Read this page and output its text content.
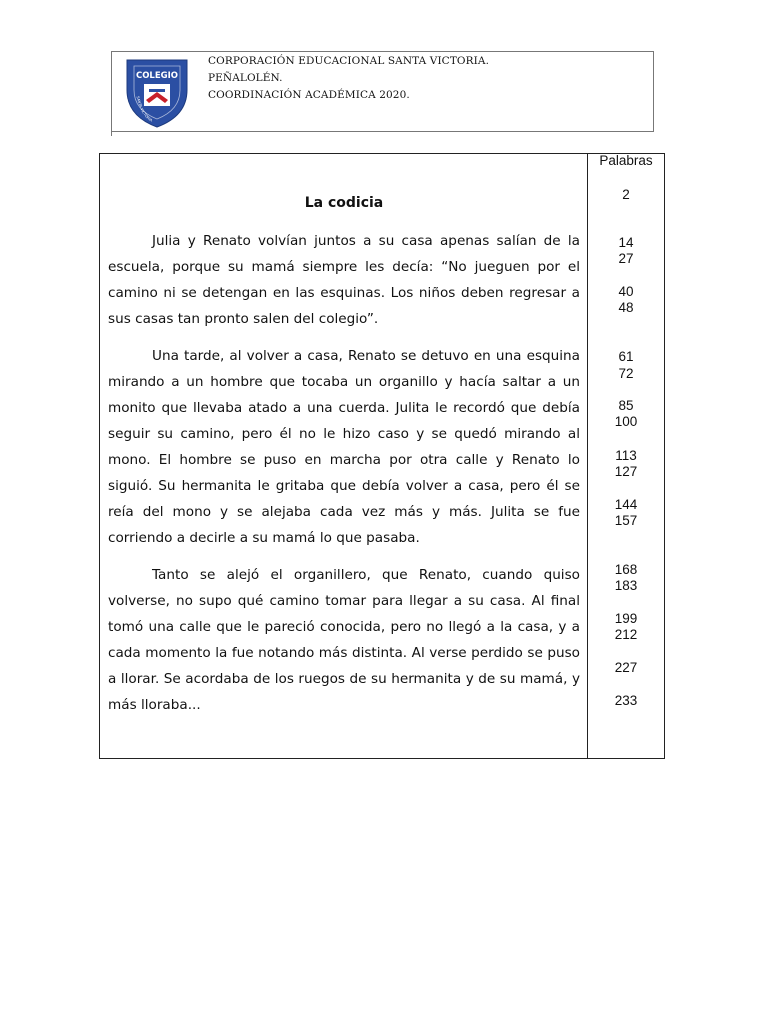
COLEGIO
SANTA VICTORIA
CORPORACIÓN EDUCACIONAL SANTA VICTORIA.
PEÑALOLÉN.
COORDINACIÓN ACADÉMICA 2020.
La codicia

Julia y Renato volvían juntos a su casa apenas salían de la escuela, porque su mamá siempre les decía: “No jueguen por el camino ni se detengan en las esquinas. Los niños deben regresar a sus casas tan pronto salen del colegio”.

Una tarde, al volver a casa, Renato se detuvo en una esquina mirando a un hombre que tocaba un organillo y hacía saltar a un monito que llevaba atado a una cuerda. Julita le recordó que debía seguir su camino, pero él no le hizo caso y se quedó mirando al mono. El hombre se puso en marcha por otra calle y Renato lo siguió. Su hermanita le gritaba que debía volver a casa, pero él se reía del mono y se alejaba cada vez más y más. Julita se fue corriendo a decirle a su mamá lo que pasaba.

Tanto se alejó el organillero, que Renato, cuando quiso volverse, no supo qué camino tomar para llegar a su casa. Al final tomó una calle que le pareció conocida, pero no llegó a la casa, y a cada momento la fue notando más distinta. Al verse perdido se puso a llorar. Se acordaba de los ruegos de su hermanita y de su mamá, y más lloraba...

Palabras
2
14
27
40
48
61
72
85
100
113
127
144
157
168
183
199
212
227
233
